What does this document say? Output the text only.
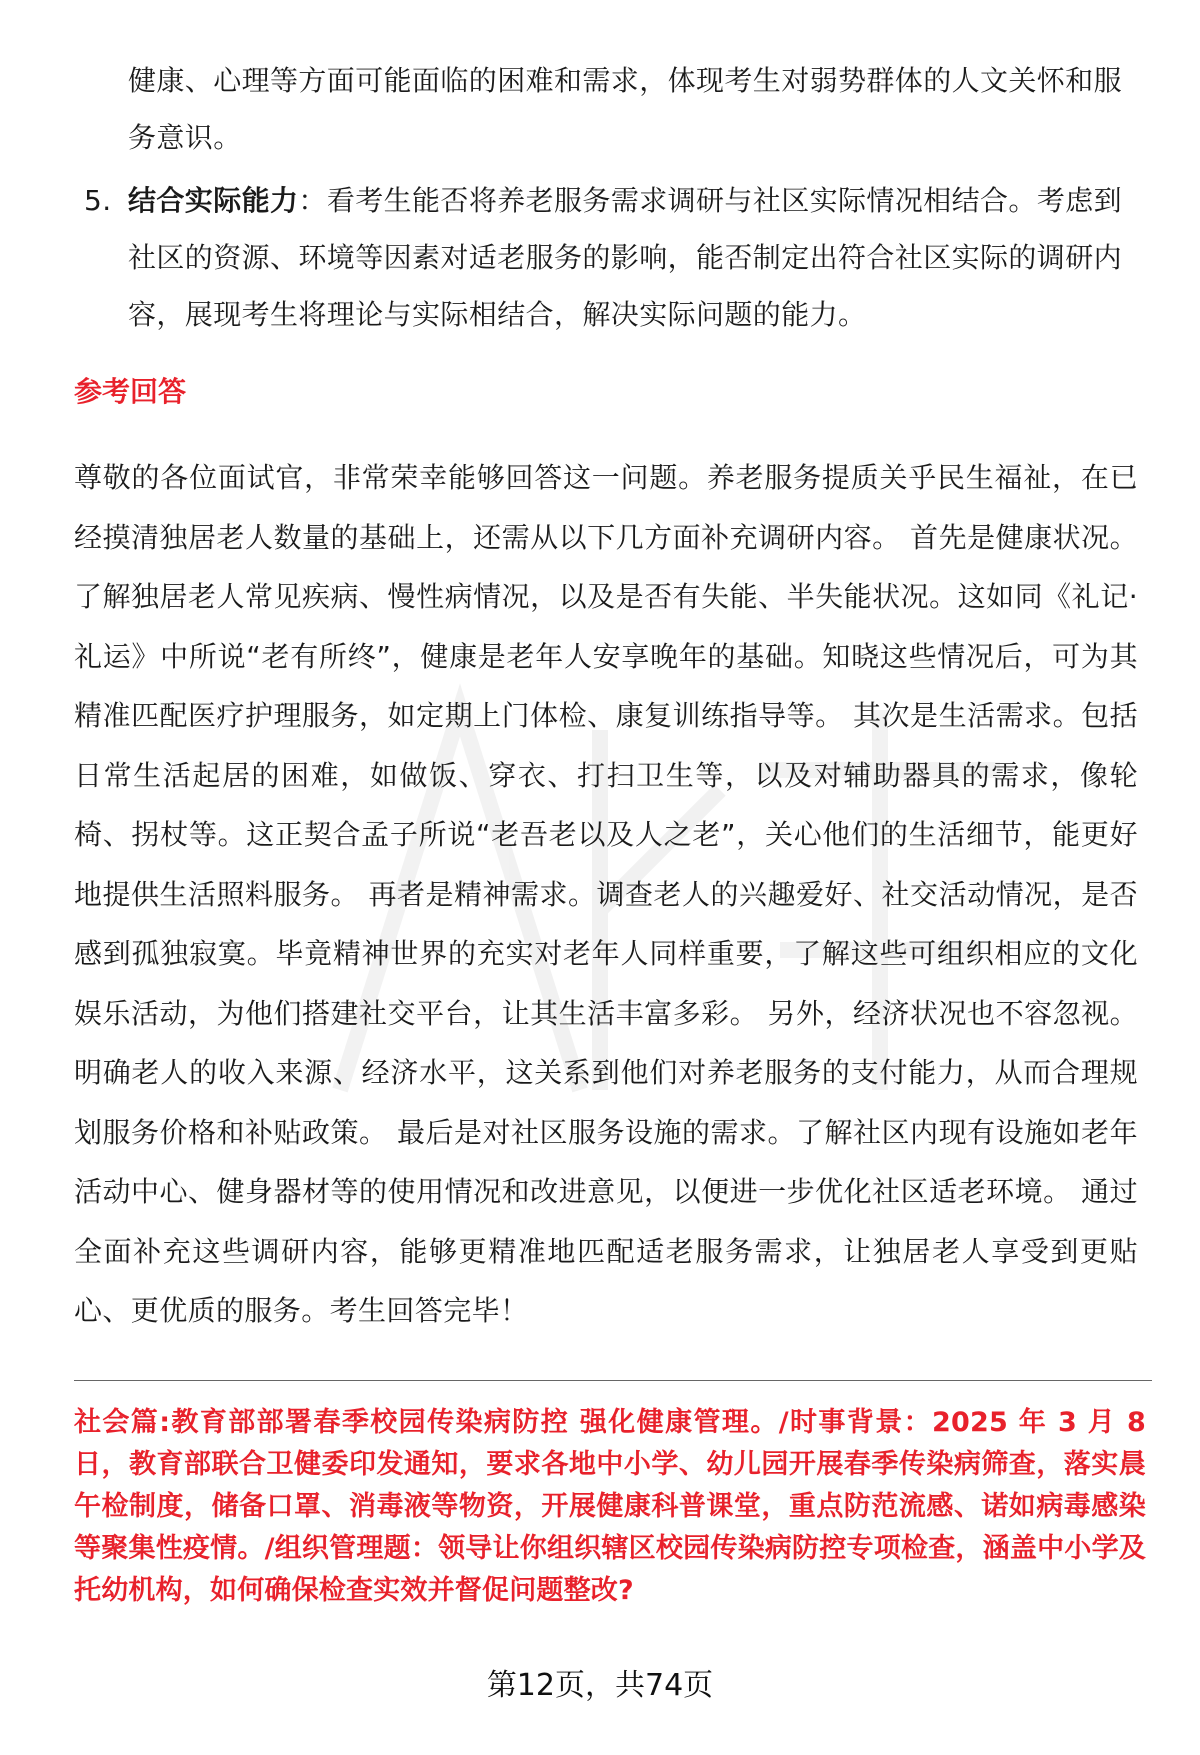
健康、心理等方面可能面临的困难和需求，体现考生对弱势群体的人文关怀和服务意识。
5. 结合实际能力：看考生能否将养老服务需求调研与社区实际情况相结合。考虑到社区的资源、环境等因素对适老服务的影响，能否制定出符合社区实际的调研内容，展现考生将理论与实际相结合，解决实际问题的能力。
参考回答
尊敬的各位面试官，非常荣幸能够回答这一问题。养老服务提质关乎民生福祉，在已经摸清独居老人数量的基础上，还需从以下几方面补充调研内容。 首先是健康状况。了解独居老人常见疾病、慢性病情况，以及是否有失能、半失能状况。这如同《礼记·礼运》中所说“老有所终”，健康是老年人安享晚年的基础。知晓这些情况后，可为其精准匹配医疗护理服务，如定期上门体检、康复训练指导等。 其次是生活需求。包括日常生活起居的困难，如做饭、穿衣、打扫卫生等，以及对辅助器具的需求，像轮椅、拐杖等。这正契合孟子所说“老吾老以及人之老”，关心他们的生活细节，能更好地提供生活照料服务。 再者是精神需求。调查老人的兴趣爱好、社交活动情况，是否感到孤独寂寞。毕竟精神世界的充实对老年人同样重要，了解这些可组织相应的文化娱乐活动，为他们搭建社交平台，让其生活丰富多彩。 另外，经济状况也不容忽视。明确老人的收入来源、经济水平，这关系到他们对养老服务的支付能力，从而合理规划服务价格和补贴政策。 最后是对社区服务设施的需求。了解社区内现有设施如老年活动中心、健身器材等的使用情况和改进意见，以便进一步优化社区适老环境。 通过全面补充这些调研内容，能够更精准地匹配适老服务需求，让独居老人享受到更贴心、更优质的服务。考生回答完毕！
社会篇:教育部部署春季校园传染病防控 强化健康管理。/时事背景：2025 年 3 月 8 日，教育部联合卫健委印发通知，要求各地中小学、幼儿园开展春季传染病筛查，落实晨午检制度，储备口罩、消毒液等物资，开展健康科普课堂，重点防范流感、诺如病毒感染等聚集性疫情。/组织管理题：领导让你组织辖区校园传染病防控专项检查，涵盖中小学及托幼机构，如何确保检查实效并督促问题整改?
第12页，共74页
